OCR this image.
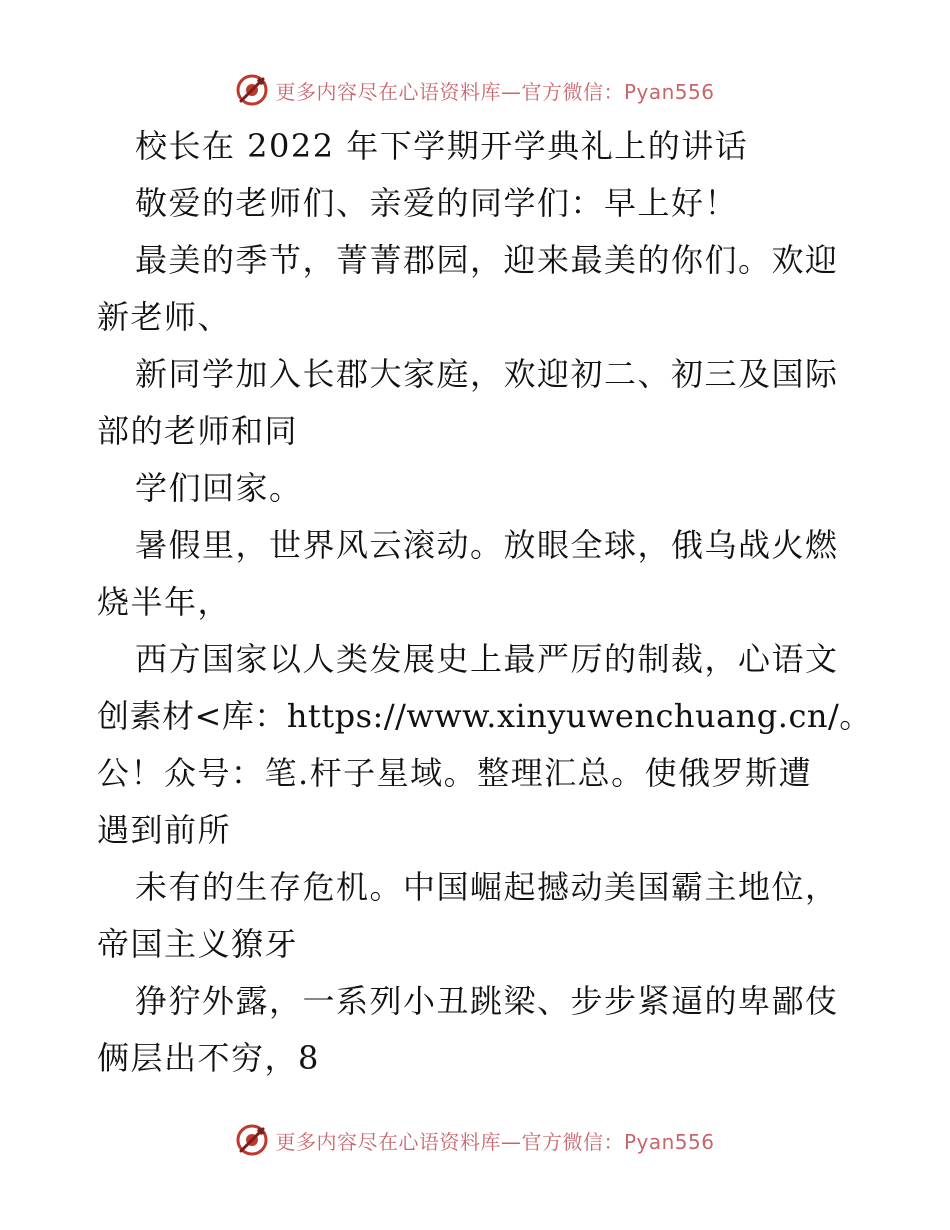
更多内容尽在心语资料库—官方微信：Pyan556
校长在 2022 年下学期开学典礼上的讲话
敬爱的老师们、亲爱的同学们：早上好！
最美的季节，菁菁郡园，迎来最美的你们。欢迎
新老师、
新同学加入长郡大家庭，欢迎初二、初三及国际
部的老师和同
学们回家。
暑假里，世界风云滚动。放眼全球，俄乌战火燃
烧半年，
西方国家以人类发展史上最严厉的制裁，心语文
创素材<库：https://www.xinyuwenchuang.cn/。
公！众号：笔.杆子星域。整理汇总。使俄罗斯遭
遇到前所
未有的生存危机。中国崛起撼动美国霸主地位，
帝国主义獠牙
狰狞外露，一系列小丑跳梁、步步紧逼的卑鄙伎
俩层出不穷，8
更多内容尽在心语资料库—官方微信：Pyan556
